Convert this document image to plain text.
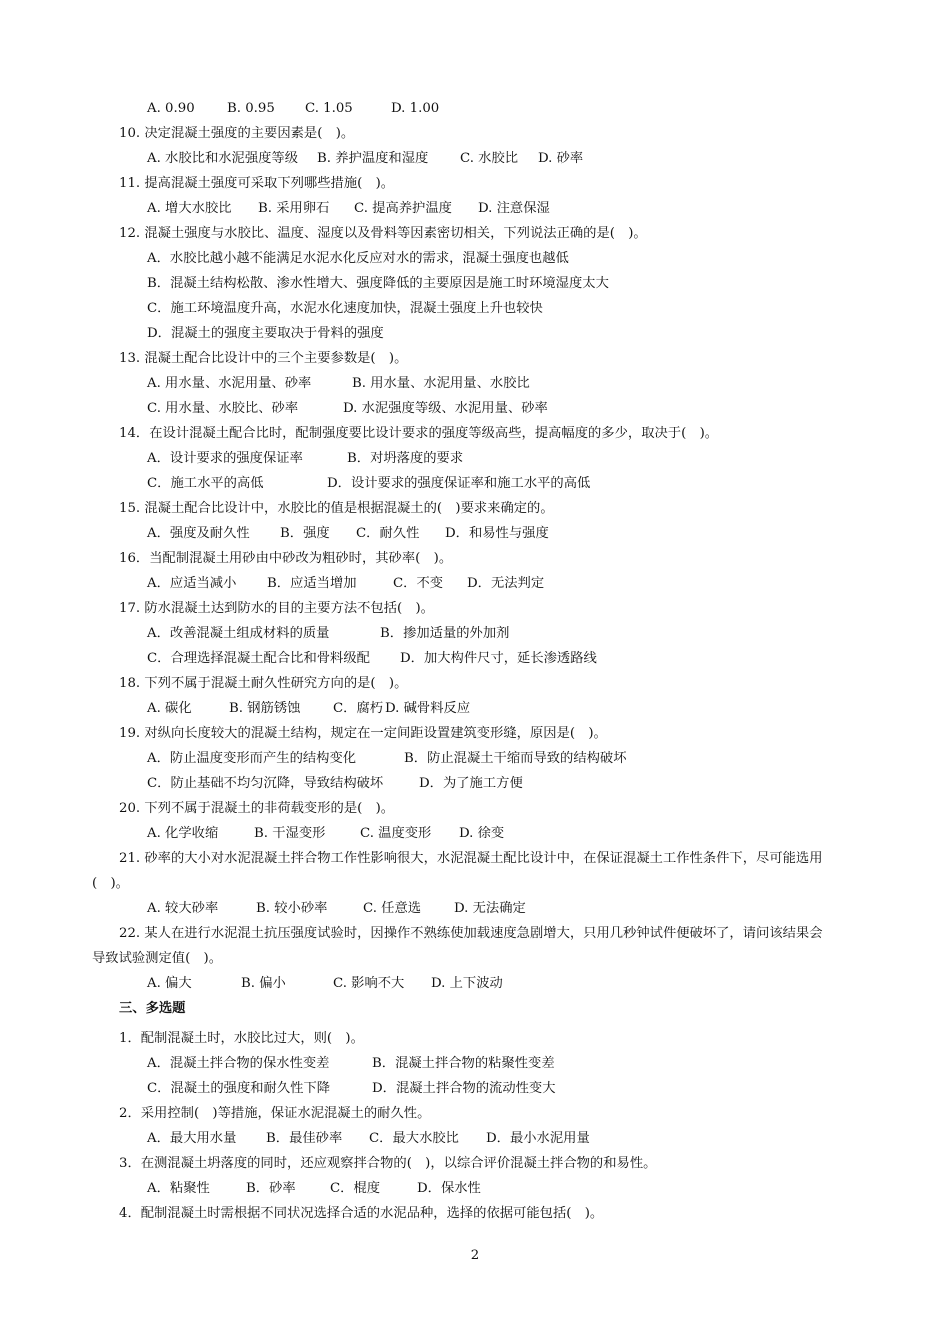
A. 0.90 B. 0.95 C. 1.05	D. 1.00
10. 决定混凝土强度的主要因素是(　)。
A. 水胶比和水泥强度等级 B. 养护温度和湿度 C. 水胶比 D. 砂率
11. 提高混凝土强度可采取下列哪些措施(　)。
A. 增大水胶比 B. 采用卵石 C. 提高养护温度 D. 注意保湿
12. 混凝土强度与水胶比、温度、湿度以及骨料等因素密切相关，下列说法正确的是(　)。
A．水胶比越小越不能满足水泥水化反应对水的需求，混凝土强度也越低
B．混凝土结构松散、渗水性增大、强度降低的主要原因是施工时环境湿度太大
C．施工环境温度升高，水泥水化速度加快，混凝土强度上升也较快
D．混凝土的强度主要取决于骨料的强度
13. 混凝土配合比设计中的三个主要参数是(　)。
A. 用水量、水泥用量、砂率	B. 用水量、水泥用量、水胶比
C. 用水量、水胶比、砂率	D. 水泥强度等级、水泥用量、砂率
14．在设计混凝土配合比时，配制强度要比设计要求的强度等级高些，提高幅度的多少，取决于(　)。
A．设计要求的强度保证率	B．对坍落度的要求
C．施工水平的高低	D．设计要求的强度保证率和施工水平的高低
15. 混凝土配合比设计中，水胶比的值是根据混凝土的(　)要求来确定的。
A．强度及耐久性 B．强度 C．耐久性 D．和易性与强度
16．当配制混凝土用砂由中砂改为粗砂时，其砂率(　)。
A．应适当减小 B．应适当增加	C．不变 D．无法判定
17. 防水混凝土达到防水的目的主要方法不包括(　)。
A．改善混凝土组成材料的质量	B．掺加适量的外加剂
C．合理选择混凝土配合比和骨料级配 D．加大构件尺寸，延长渗透路线
18. 下列不属于混凝土耐久性研究方向的是(　)。
A. 碳化	B. 钢筋锈蚀 C．腐朽 D. 碱骨料反应
19. 对纵向长度较大的混凝土结构，规定在一定间距设置建筑变形缝，原因是(　)。
A．防止温度变形而产生的结构变化	B．防止混凝土干缩而导致的结构破坏
C．防止基础不均匀沉降，导致结构破坏	D．为了施工方便
20. 下列不属于混凝土的非荷载变形的是(　)。
A. 化学收缩	B. 干湿变形	C. 温度变形 D. 徐变
21. 砂率的大小对水泥混凝土拌合物工作性影响很大，水泥混凝土配比设计中，在保证混凝土工作性条件下，尽可能选用
(　)。
A. 较大砂率	B. 较小砂率	C. 任意选 D. 无法确定
22. 某人在进行水泥混土抗压强度试验时，因操作不熟练使加载速度急剧增大，只用几秒钟试件便破坏了，请问该结果会
导致试验测定值(　)。
A. 偏大	B. 偏小	C. 影响不大 D. 上下波动
三、多选题
1．配制混凝土时，水胶比过大，则(　)。
A．混凝土拌合物的保水性变差	B．混凝土拌合物的粘聚性变差
C．混凝土的强度和耐久性下降	D．混凝土拌合物的流动性变大
2．采用控制(　)等措施，保证水泥混凝土的耐久性。
A．最大用水量 B．最佳砂率 C．最大水胶比 D．最小水泥用量
3．在测混凝土坍落度的同时，还应观察拌合物的(　)，以综合评价混凝土拌合物的和易性。
A．粘聚性	B．砂率	C．棍度	D．保水性
4．配制混凝土时需根据不同状况选择合适的水泥品种，选择的依据可能包括(　)。
2
